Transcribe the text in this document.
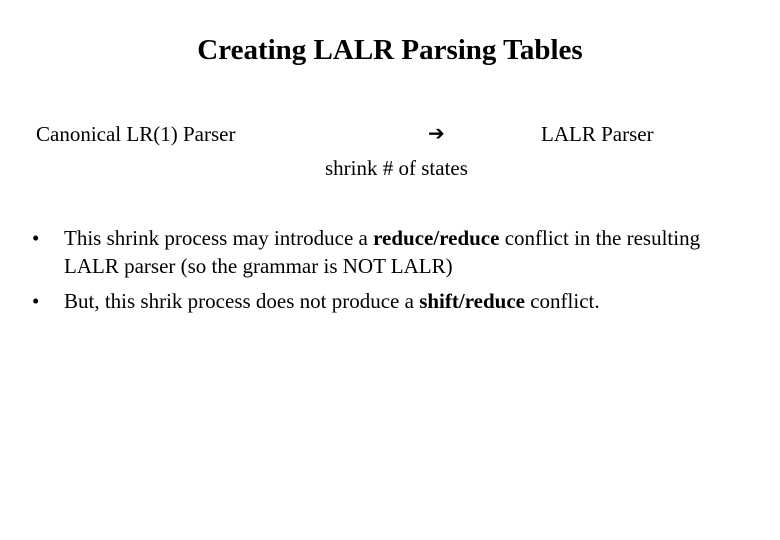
Creating LALR Parsing Tables
Canonical LR(1) Parser	➔	LALR Parser
shrink # of states
• This shrink process may introduce a reduce/reduce conflict in the resulting LALR parser (so the grammar is NOT LALR)
• But, this shrik process does not produce a shift/reduce conflict.
